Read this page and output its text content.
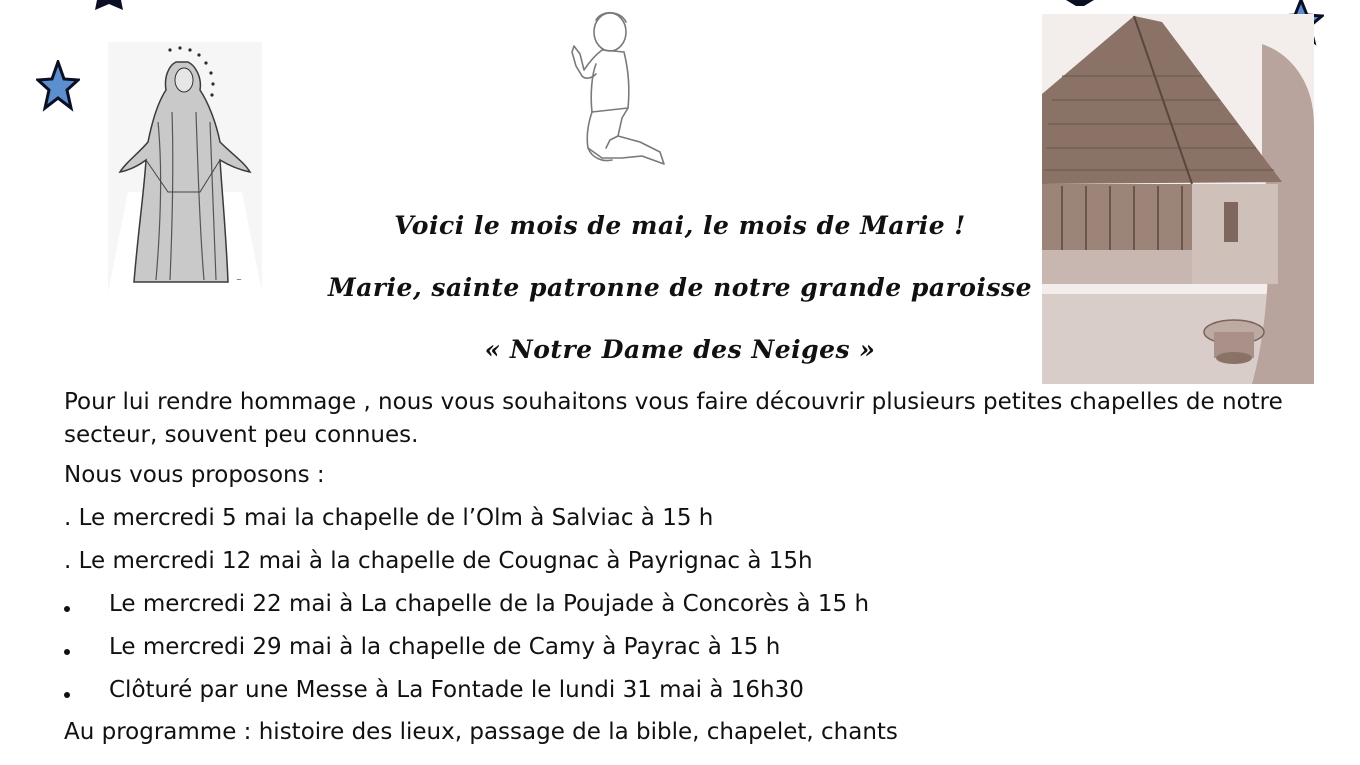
~
Voici le mois de mai, le mois de Marie !
Marie, sainte patronne de notre grande paroisse
« Notre Dame des Neiges »
Pour lui rendre hommage , nous vous souhaitons vous faire découvrir plusieurs petites chapelles de notre secteur, souvent peu connues.
Nous vous proposons :
. Le mercredi 5 mai la chapelle de l’Olm à Salviac à 15 h
. Le mercredi 12 mai à la chapelle de Cougnac à Payrignac à 15h
Le mercredi 22 mai à La chapelle de la Poujade à Concorès à 15 h
Le mercredi 29 mai à la chapelle de Camy à Payrac à 15 h
Clôturé par une Messe à La Fontade le lundi 31 mai à 16h30
Au programme : histoire des lieux, passage de la bible, chapelet, chants
